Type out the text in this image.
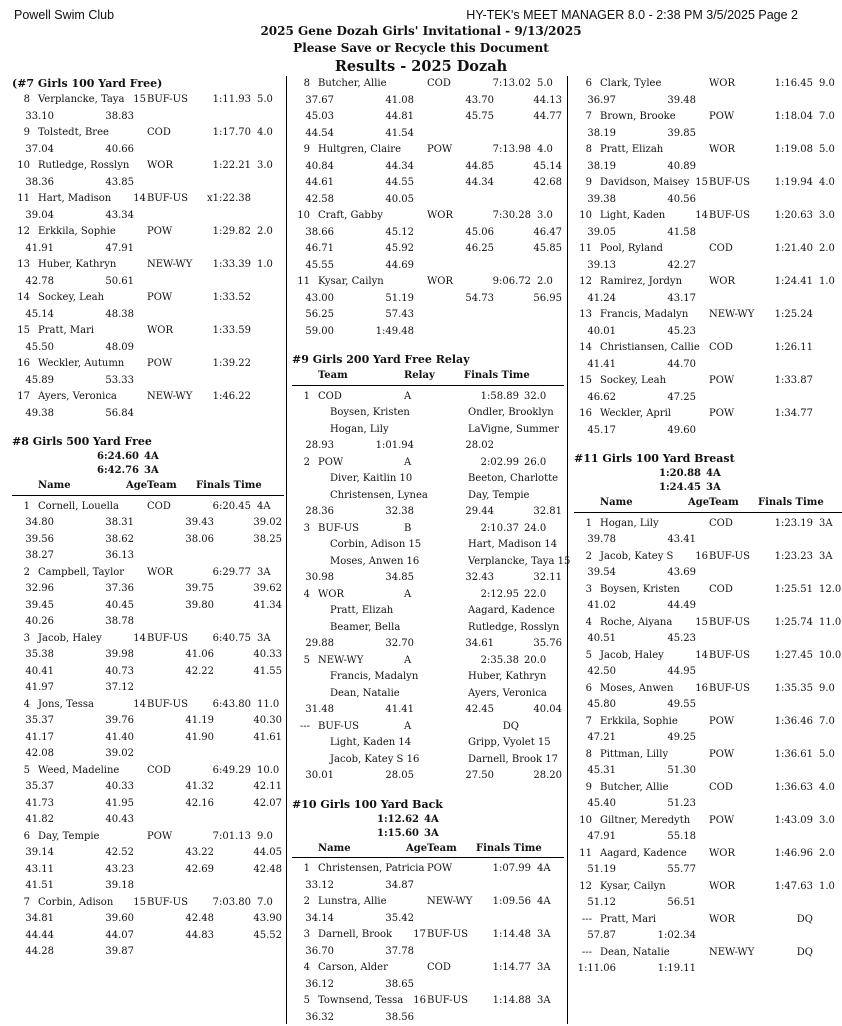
Powell Swim Club	HY-TEK's MEET MANAGER 8.0 - 2:38 PM 3/5/2025 Page 2
2025 Gene Dozah Girls' Invitational - 9/13/2025
Please Save or Recycle this Document
Results - 2025 Dozah
(#7 Girls 100 Yard Free)
8 Verplancke, Taya 15 BUF-US	1:11.93 5.0
33.10	38.83
9 Tolstedt, Bree	COD	1:17.70 4.0
37.04	40.66
10 Rutledge, Rosslyn WOR	1:22.21 3.0
38.36	43.85
11 Hart, Madison	14 BUF-US	x1:22.38
39.04	43.34
12 Erkkila, Sophie	POW	1:29.82 2.0
41.91	47.91
13 Huber, Kathryn	NEW-WY	1:33.39 1.0
42.78	50.61
14 Sockey, Leah	POW	1:33.52
45.14	48.38
15 Pratt, Mari	WOR	1:33.59
45.50	48.09
16 Weckler, Autumn POW	1:39.22
45.89	53.33
17 Ayers, Veronica	NEW-WY	1:46.22
49.38	56.84
#8 Girls 500 Yard Free
6:24.60 4A
6:42.76 3A
Name	Age Team Finals Time
1 Cornell, Louella	COD	6:20.45 4A
34.80	38.31	39.43	39.02
39.56	38.62	38.06	38.25
38.27	36.13
2 Campbell, Taylor WOR	6:29.77 3A
32.96	37.36	39.75	39.62
39.45	40.45	39.80	41.34
40.26	38.78
3 Jacob, Haley	14 BUF-US	6:40.75 3A
35.38	39.98	41.06	40.33
40.41	40.73	42.22	41.55
41.97	37.12
4 Jons, Tessa	14 BUF-US	6:43.80 11.0
35.37	39.76	41.19	40.30
41.17	41.40	41.90	41.61
42.08	39.02
5 Weed, Madeline	COD	6:49.29 10.0
35.37	40.33	41.32	42.11
41.73	41.95	42.16	42.07
41.82	40.43
6 Day, Tempie	POW	7:01.13 9.0
39.14	42.52	43.22	44.05
43.11	43.23	42.69	42.48
41.51	39.18
7 Corbin, Adison	15 BUF-US	7:03.80 7.0
34.81	39.60	42.48	43.90
44.44	44.07	44.83	45.52
44.28	39.87
8 Butcher, Allie	COD	7:13.02 5.0
37.67	41.08	43.70	44.13
45.03	44.81	45.75	44.77
44.54	41.54
9 Hultgren, Claire	POW	7:13.98 4.0
40.84	44.34	44.85	45.14
44.61	44.55	44.34	42.68
42.58	40.05
10 Craft, Gabby	WOR	7:30.28 3.0
38.66	45.12	45.06	46.47
46.71	45.92	46.25	45.85
45.55	44.69
11 Kysar, Cailyn	WOR	9:06.72 2.0
43.00	51.19	54.73	56.95
56.25	57.43
59.00	1:49.48
#9 Girls 200 Yard Free Relay
Team	Relay	Finals Time
1 COD	A	1:58.89 32.0
Boysen, Kristen	Ondler, Brooklyn
Hogan, Lily	LaVigne, Summer
28.93	1:01.94	28.02
2 POW	A	2:02.99 26.0
Diver, Kaitlin 10	Beeton, Charlotte
Christensen, Lynea	Day, Tempie
28.36	32.38	29.44	32.81
3 BUF-US	B	2:10.37 24.0
Corbin, Adison 15	Hart, Madison 14
Moses, Anwen 16	Verplancke, Taya 15
30.98	34.85	32.43	32.11
4 WOR	A	2:12.95 22.0
Pratt, Elizah	Aagard, Kadence
Beamer, Bella	Rutledge, Rosslyn
29.88	32.70	34.61	35.76
5 NEW-WY	A	2:35.38 20.0
Francis, Madalyn	Huber, Kathryn
Dean, Natalie	Ayers, Veronica
31.48	41.41	42.45	40.04
--- BUF-US	A	DQ
Light, Kaden 14	Gripp, Vyolet 15
Jacob, Katey S 16	Darnell, Brook 17
30.01	28.05	27.50	28.20
#10 Girls 100 Yard Back
1:12.62 4A
1:15.60 3A
Name	Age Team Finals Time
1 Christensen, Patricia POW	1:07.99 4A
33.12	34.87
2 Lunstra, Allie	NEW-WY	1:09.56 4A
34.14	35.42
3 Darnell, Brook	17 BUF-US	1:14.48 3A
36.70	37.78
4 Carson, Alder	COD	1:14.77 3A
36.12	38.65
5 Townsend, Tessa	16 BUF-US	1:14.88 3A
36.32	38.56
6 Clark, Tylee	WOR	1:16.45 9.0
36.97	39.48
7 Brown, Brooke	POW	1:18.04 7.0
38.19	39.85
8 Pratt, Elizah	WOR	1:19.08 5.0
38.19	40.89
9 Davidson, Maisey 15 BUF-US	1:19.94 4.0
39.38	40.56
10 Light, Kaden	14 BUF-US	1:20.63 3.0
39.05	41.58
11 Pool, Ryland	COD	1:21.40 2.0
39.13	42.27
12 Ramirez, Jordyn	WOR	1:24.41 1.0
41.24	43.17
13 Francis, Madalyn NEW-WY	1:25.24
40.01	45.23
14 Christiansen, Callie COD	1:26.11
41.41	44.70
15 Sockey, Leah	POW	1:33.87
46.62	47.25
16 Weckler, April	POW	1:34.77
45.17	49.60
#11 Girls 100 Yard Breast
1:20.88 4A
1:24.45 3A
Name	Age Team Finals Time
1 Hogan, Lily	COD	1:23.19 3A
39.78	43.41
2 Jacob, Katey S	16 BUF-US	1:23.23 3A
39.54	43.69
3 Boysen, Kristen	COD	1:25.51 12.0
41.02	44.49
4 Roche, Aiyana	15 BUF-US	1:25.74 11.0
40.51	45.23
5 Jacob, Haley	14 BUF-US	1:27.45 10.0
42.50	44.95
6 Moses, Anwen	16 BUF-US	1:35.35 9.0
45.80	49.55
7 Erkkila, Sophie	POW	1:36.46 7.0
47.21	49.25
8 Pittman, Lilly	POW	1:36.61 5.0
45.31	51.30
9 Butcher, Allie	COD	1:36.63 4.0
45.40	51.23
10 Giltner, Meredyth POW	1:43.09 3.0
47.91	55.18
11 Aagard, Kadence WOR	1:46.96 2.0
51.19	55.77
12 Kysar, Cailyn	WOR	1:47.63 1.0
51.12	56.51
--- Pratt, Mari	WOR	DQ
57.87	1:02.34
--- Dean, Natalie	NEW-WY	DQ
1:11.06	1:19.11
